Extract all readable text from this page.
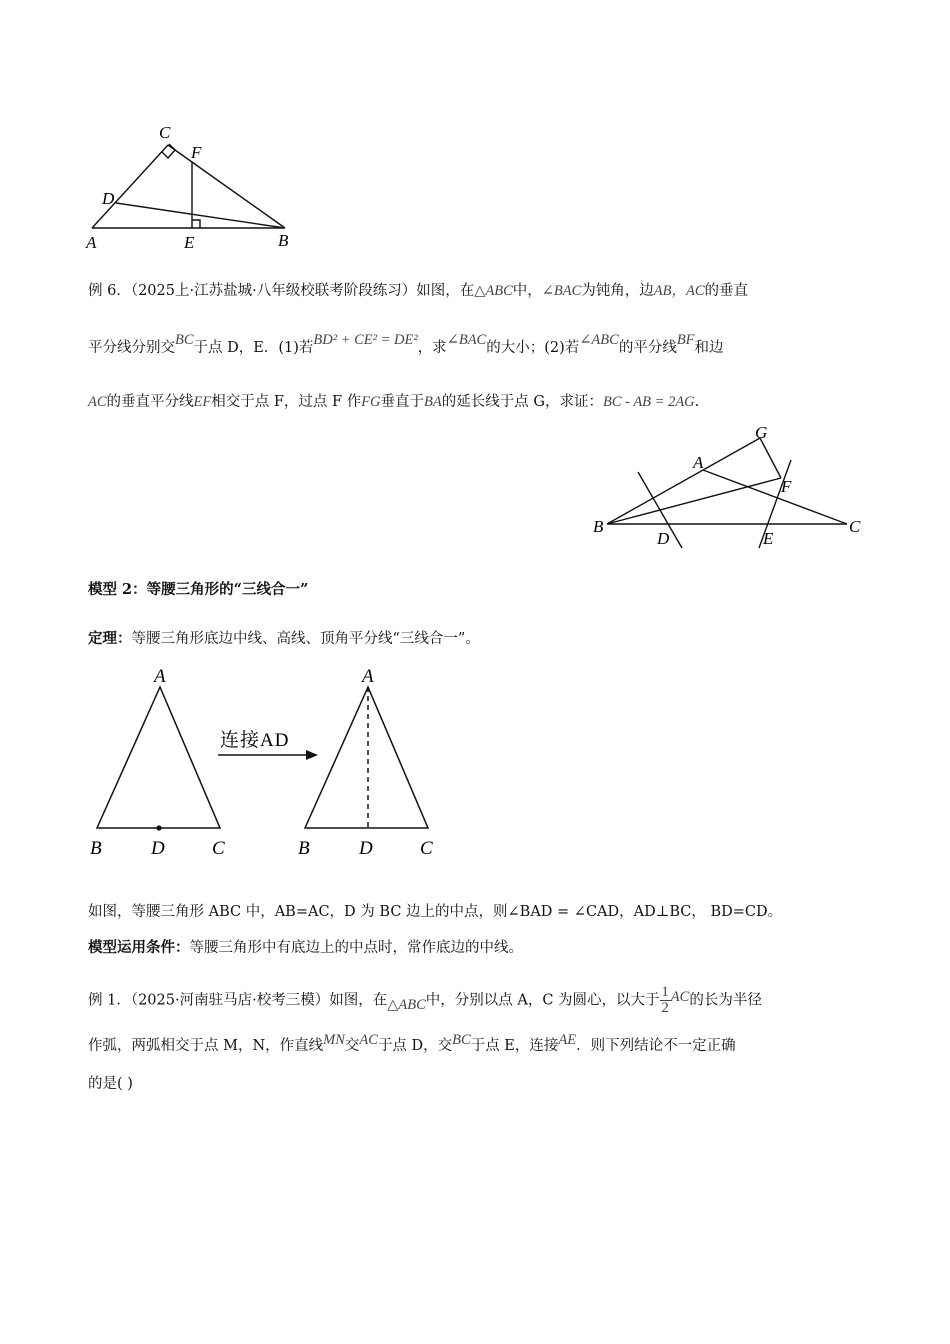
C
F
D
A	E	B
例 6．（2025上·江苏盐城·八年级校联考阶段练习）如图，在△ABC中，∠BAC为钝角，边AB，AC的垂直
平分线分别交BC于点 D，E．(1)若BD² + CE² = DE²，求∠BAC的大小；(2)若∠ABC的平分线BF和边
AC的垂直平分线EF相交于点 F，过点 F 作FG垂直于BA的延长线于点 G，求证：BC - AB = 2AG.
G
A
F
B
D	E
C
模型 2：等腰三角形的“三线合一”
定理：等腰三角形底边中线、高线、顶角平分线“三线合一”。
A
B	D C
连接AD
A
B	D C
如图，等腰三角形 ABC 中，AB=AC，D 为 BC 边上的中点，则∠BAD = ∠CAD，AD⊥BC， BD=CD。
模型运用条件：等腰三角形中有底边上的中点时，常作底边的中线。
例 1．（2025·河南驻马店·校考三模）如图，在△ABC中，分别以点 A，C 为圆心，以大于 $\frac{1}{2}$ AC的长为半径
作弧，两弧相交于点 M，N，作直线MN交AC于点 D，交BC于点 E，连接AE．则下列结论不一定正确
的是( )
